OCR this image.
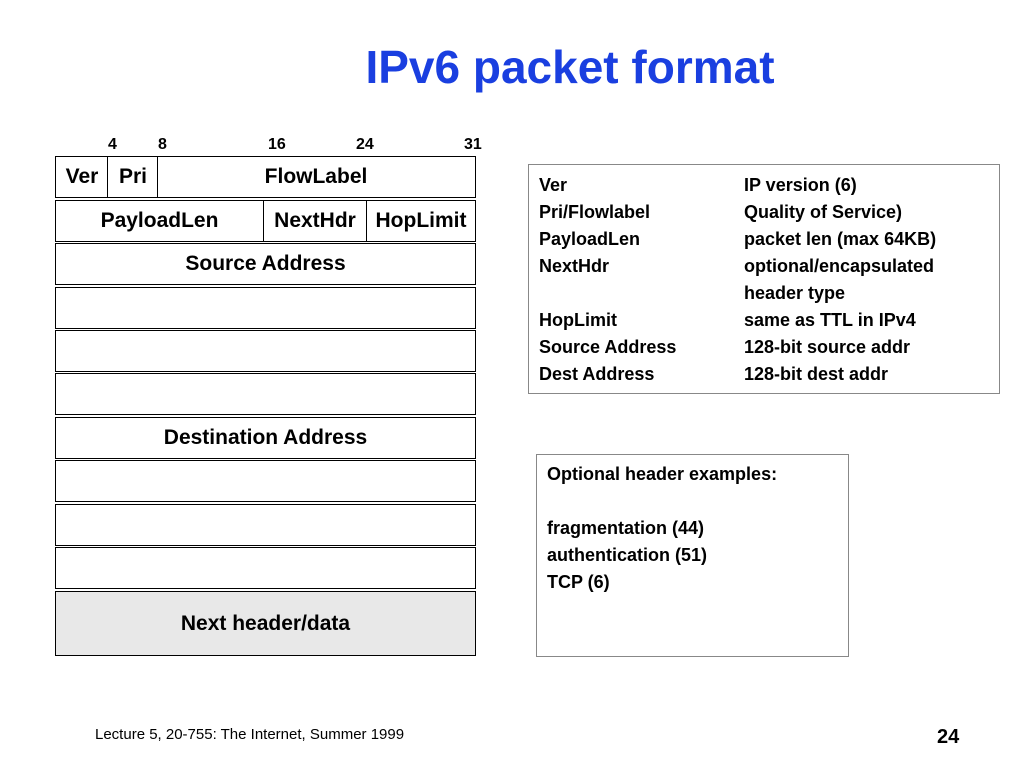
IPv6 packet format
4	8	16	24	31
Ver Pri	FlowLabel
PayloadLen	NextHdr HopLimit
Source Address
Destination Address
Next header/data
Ver	IP version (6)
Pri/Flowlabel	Quality of Service)
PayloadLen	packet len (max 64KB)
NextHdr	optional/encapsulated
header type
HopLimit	same as TTL in IPv4
Source Address	128-bit source addr
Dest Address	128-bit dest addr
Optional header examples:
fragmentation (44)
authentication (51)
TCP (6)
Lecture 5, 20-755: The Internet, Summer 1999	24
